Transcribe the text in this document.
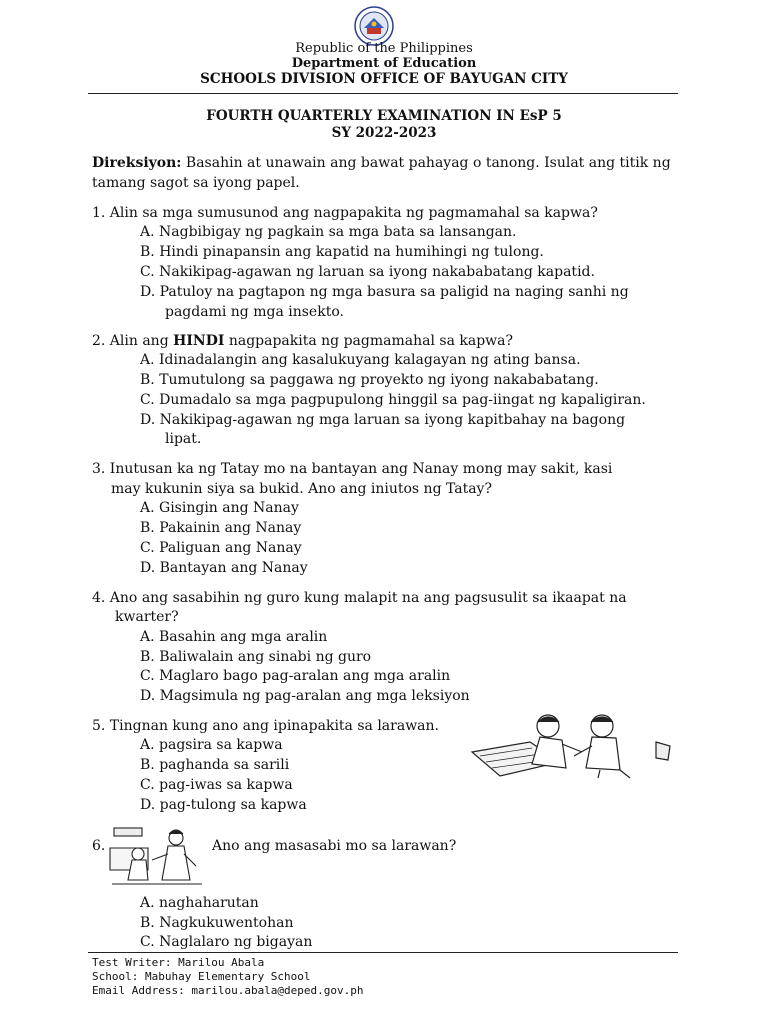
Republic of the Philippines
Department of Education
SCHOOLS DIVISION OFFICE OF BAYUGAN CITY
FOURTH QUARTERLY EXAMINATION IN EsP 5
SY 2022-2023
Direksiyon: Basahin at unawain ang bawat pahayag o tanong. Isulat ang titik ng tamang sagot sa iyong papel.
1. Alin sa mga sumusunod ang nagpapakita ng pagmamahal sa kapwa?
A. Nagbibigay ng pagkain sa mga bata sa lansangan.
B. Hindi pinapansin ang kapatid na humihingi ng tulong.
C. Nakikipag-agawan ng laruan sa iyong nakababatang kapatid.
D. Patuloy na pagtapon ng mga basura sa paligid na naging sanhi ng
pagdami ng mga insekto.
2. Alin ang HINDI nagpapakita ng pagmamahal sa kapwa?
A. Idinadalangin ang kasalukuyang kalagayan ng ating bansa.
B. Tumutulong sa paggawa ng proyekto ng iyong nakababatang.
C. Dumadalo sa mga pagpupulong hinggil sa pag-iingat ng kapaligiran.
D. Nakikipag-agawan ng mga laruan sa iyong kapitbahay na bagong
lipat.
3. Inutusan ka ng Tatay mo na bantayan ang Nanay mong may sakit, kasi
may kukunin siya sa bukid. Ano ang iniutos ng Tatay?
A. Gisingin ang Nanay
B. Pakainin ang Nanay
C. Paliguan ang Nanay
D. Bantayan ang Nanay
4. Ano ang sasabihin ng guro kung malapit na ang pagsusulit sa ikaapat na
kwarter?
A. Basahin ang mga aralin
B. Baliwalain ang sinabi ng guro
C. Maglaro bago pag-aralan ang mga aralin
D. Magsimula ng pag-aralan ang mga leksiyon
5. Tingnan kung ano ang ipinapakita sa larawan.
A. pagsira sa kapwa
B. paghanda sa sarili
C. pag-iwas sa kapwa
D. pag-tulong sa kapwa
6.	Ano ang masasabi mo sa larawan?
A. naghaharutan
B. Nagkukuwentohan
C. Naglalaro ng bigayan
Test Writer: Marilou Abala
School: Mabuhay Elementary School
Email Address: marilou.abala@deped.gov.ph
